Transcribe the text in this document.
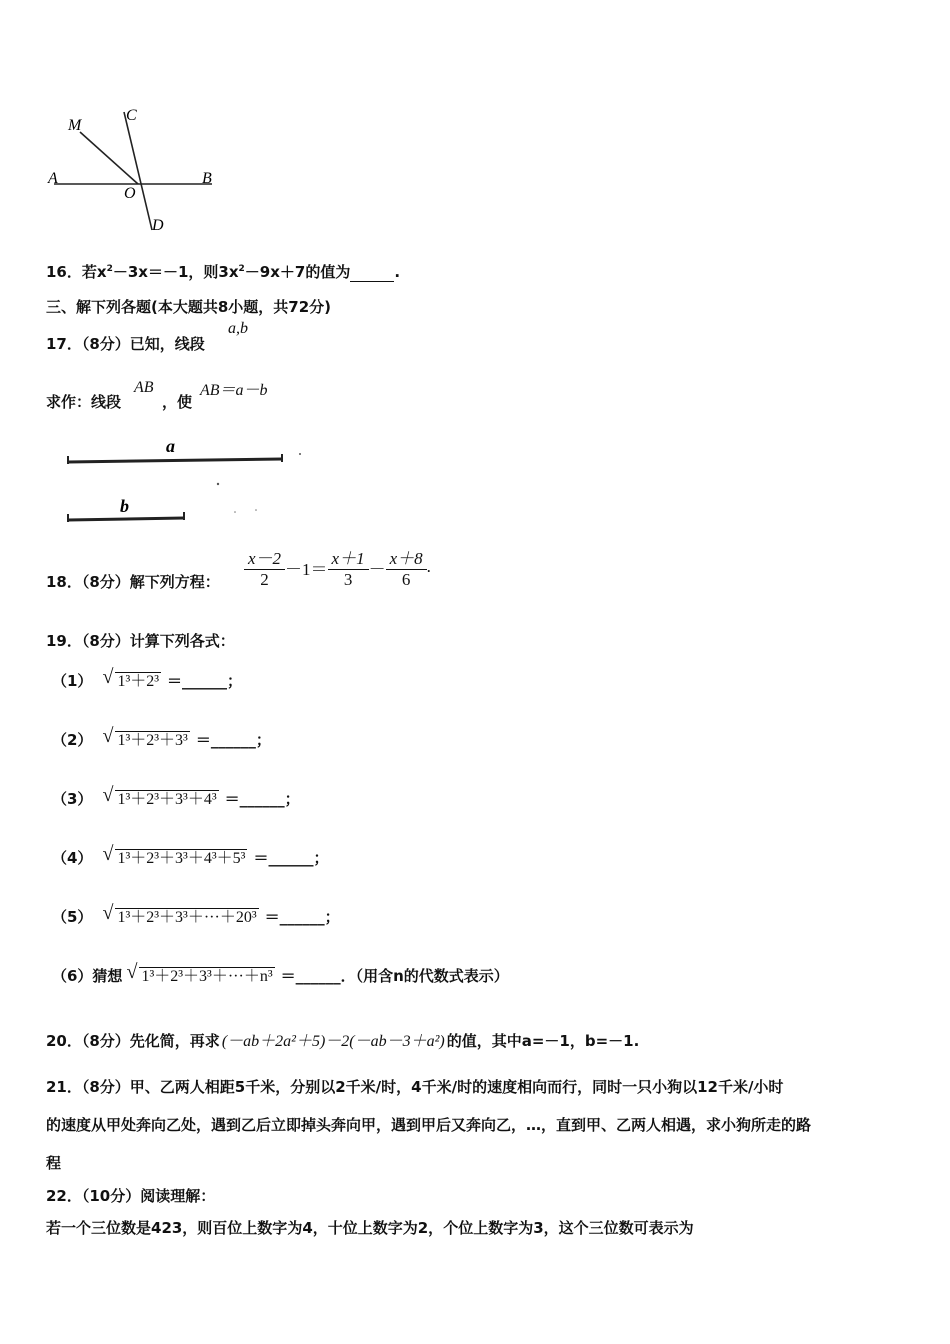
M
C
A
O
B
D
16．若$x^2-3x=-1$，则$3x^2-9x+7$的值为	.
三、解下列各题(本大题共8小题，共72分)
17．（8分）已知，线段
a,b
求作：线段
AB
，使
AB＝a－b
a
b
18．（8分）解下列方程： $\frac{x-2}{2} -1= \frac{x+1}{3} - \frac{x+8}{6}$ .
19．（8分）计算下列各式：
（1） √ 1³＋2³ ＝______；
（2） √ 1³＋2³＋3³ ＝______；
（3） √ 1³＋2³＋3³＋4³ ＝______；
（4） √ 1³＋2³＋3³＋4³＋5³ ＝______；
（5） √ 1³＋2³＋3³＋···＋20³ ＝______；
（6）猜想 √ 1³＋2³＋3³＋···＋n³ ＝______．（用含n的代数式表示）
20．（8分）先化简，再求 (－ab＋2a²＋5)－2(－ab－3＋a²) 的值，其中a=－1，b=－1.
21．（8分）甲、乙两人相距5千米，分别以2千米/时，4千米/时的速度相向而行，同时一只小狗以12千米/小时
的速度从甲处奔向乙处，遇到乙后立即掉头奔向甲，遇到甲后又奔向乙，…，直到甲、乙两人相遇，求小狗所走的路
程
22．（10分）阅读理解：
若一个三位数是423，则百位上数字为4，十位上数字为2，个位上数字为3，这个三位数可表示为
